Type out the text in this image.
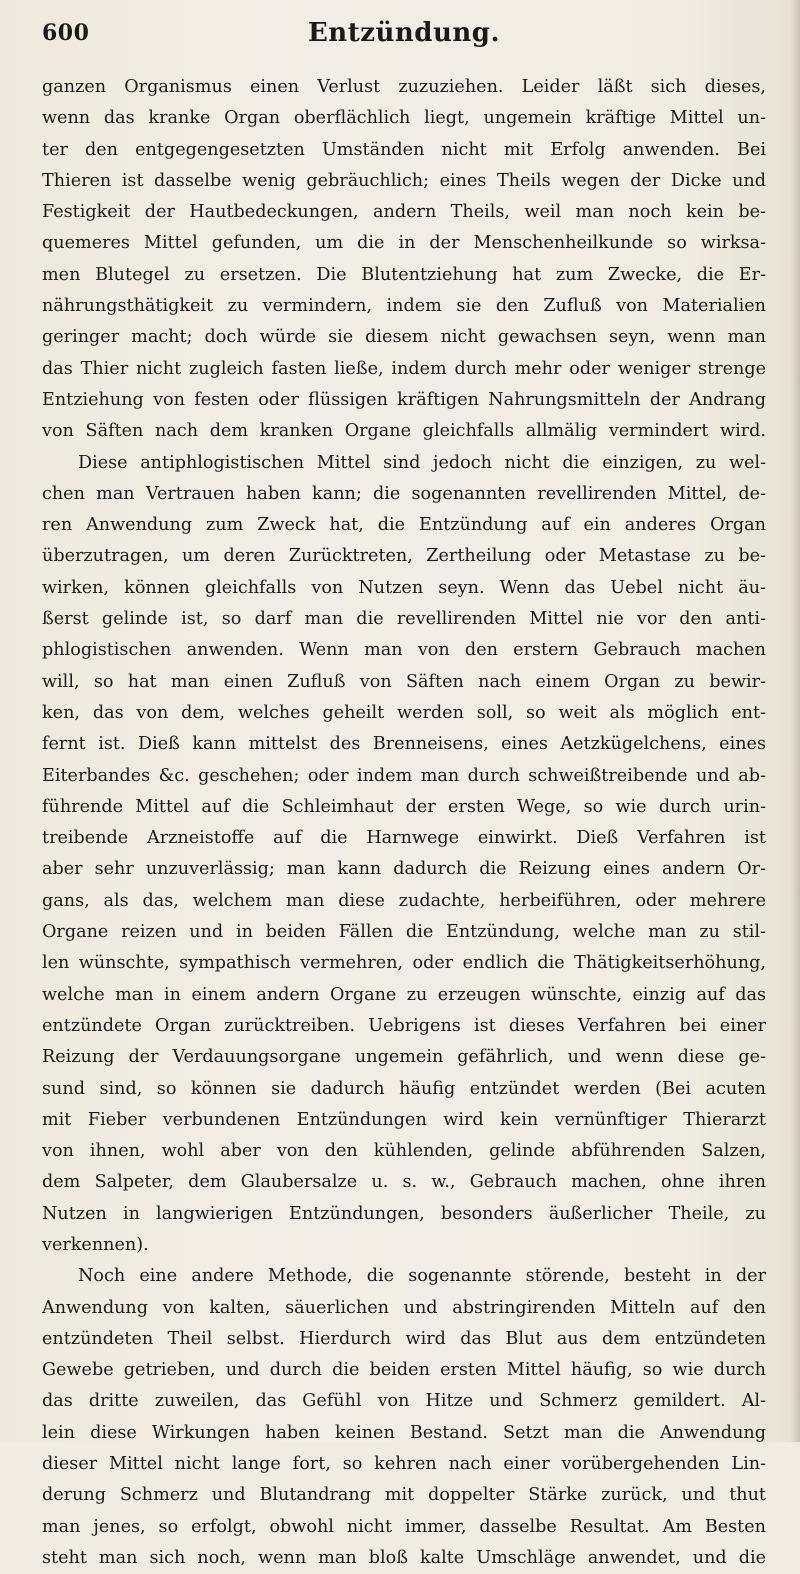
600	Entzündung.
ganzen Organismus einen Verlust zuzuziehen. Leider läßt sich dieses,
wenn das kranke Organ oberflächlich liegt, ungemein kräftige Mittel un-
ter den entgegengesetzten Umständen nicht mit Erfolg anwenden. Bei
Thieren ist dasselbe wenig gebräuchlich; eines Theils wegen der Dicke und
Festigkeit der Hautbedeckungen, andern Theils, weil man noch kein be-
quemeres Mittel gefunden, um die in der Menschenheilkunde so wirksa-
men Blutegel zu ersetzen. Die Blutentziehung hat zum Zwecke, die Er-
nährungsthätigkeit zu vermindern, indem sie den Zufluß von Materialien
geringer macht; doch würde sie diesem nicht gewachsen seyn, wenn man
das Thier nicht zugleich fasten ließe, indem durch mehr oder weniger strenge
Entziehung von festen oder flüssigen kräftigen Nahrungsmitteln der Andrang
von Säften nach dem kranken Organe gleichfalls allmälig vermindert wird.
Diese antiphlogistischen Mittel sind jedoch nicht die einzigen, zu wel-
chen man Vertrauen haben kann; die sogenannten revellirenden Mittel, de-
ren Anwendung zum Zweck hat, die Entzündung auf ein anderes Organ
überzutragen, um deren Zurücktreten, Zertheilung oder Metastase zu be-
wirken, können gleichfalls von Nutzen seyn. Wenn das Uebel nicht äu-
ßerst gelinde ist, so darf man die revellirenden Mittel nie vor den anti-
phlogistischen anwenden. Wenn man von den erstern Gebrauch machen
will, so hat man einen Zufluß von Säften nach einem Organ zu bewir-
ken, das von dem, welches geheilt werden soll, so weit als möglich ent-
fernt ist. Dieß kann mittelst des Brenneisens, eines Aetzkügelchens, eines
Eiterbandes &c. geschehen; oder indem man durch schweißtreibende und ab-
führende Mittel auf die Schleimhaut der ersten Wege, so wie durch urin-
treibende Arzneistoffe auf die Harnwege einwirkt. Dieß Verfahren ist
aber sehr unzuverlässig; man kann dadurch die Reizung eines andern Or-
gans, als das, welchem man diese zudachte, herbeiführen, oder mehrere
Organe reizen und in beiden Fällen die Entzündung, welche man zu stil-
len wünschte, sympathisch vermehren, oder endlich die Thätigkeitserhöhung,
welche man in einem andern Organe zu erzeugen wünschte, einzig auf das
entzündete Organ zurücktreiben. Uebrigens ist dieses Verfahren bei einer
Reizung der Verdauungsorgane ungemein gefährlich, und wenn diese ge-
sund sind, so können sie dadurch häufig entzündet werden (Bei acuten
mit Fieber verbundenen Entzündungen wird kein vernünftiger Thierarzt
von ihnen, wohl aber von den kühlenden, gelinde abführenden Salzen,
dem Salpeter, dem Glaubersalze u. s. w., Gebrauch machen, ohne ihren
Nutzen in langwierigen Entzündungen, besonders äußerlicher Theile, zu
verkennen).
Noch eine andere Methode, die sogenannte störende, besteht in der
Anwendung von kalten, säuerlichen und abstringirenden Mitteln auf den
entzündeten Theil selbst. Hierdurch wird das Blut aus dem entzündeten
Gewebe getrieben, und durch die beiden ersten Mittel häufig, so wie durch
das dritte zuweilen, das Gefühl von Hitze und Schmerz gemildert. Al-
lein diese Wirkungen haben keinen Bestand. Setzt man die Anwendung
dieser Mittel nicht lange fort, so kehren nach einer vorübergehenden Lin-
derung Schmerz und Blutandrang mit doppelter Stärke zurück, und thut
man jenes, so erfolgt, obwohl nicht immer, dasselbe Resultat. Am Besten
steht man sich noch, wenn man bloß kalte Umschläge anwendet, und die
